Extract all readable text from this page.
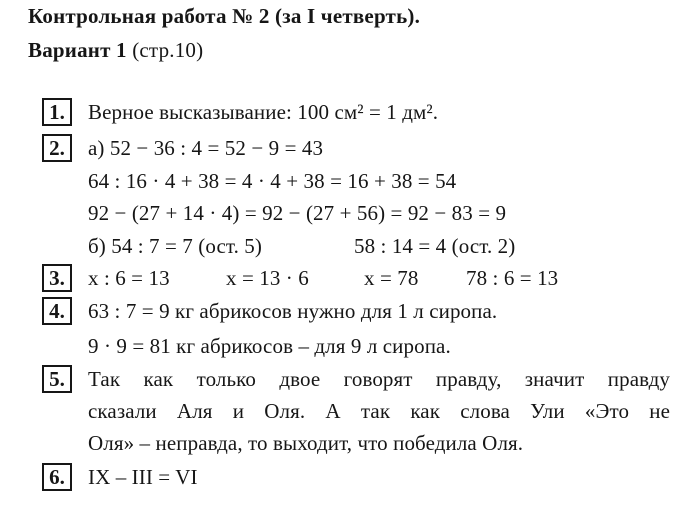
Контрольная работа № 2 (за I четверть).
Вариант 1 (стр.10)
1.	Верное высказывание: 100 см² = 1 дм².
2.	а) 52 − 36 : 4 = 52 − 9 = 43
64 : 16 · 4 + 38 = 4 · 4 + 38 = 16 + 38 = 54
92 − (27 + 14 · 4) = 92 − (27 + 56) = 92 − 83 = 9
б) 54 : 7 = 7 (ост. 5)	58 : 14 = 4 (ост. 2)
3.	x : 6 = 13	x = 13 · 6	x = 78 78 : 6 = 13
4.	63 : 7 = 9 кг абрикосов нужно для 1 л сиропа.
9 · 9 = 81 кг абрикосов – для 9 л сиропа.
5.	Так как только двое говорят правду, значит правду
сказали Аля и Оля. А так как слова Ули «Это не
Оля» – неправда, то выходит, что победила Оля.
6.	IX – III = VI
